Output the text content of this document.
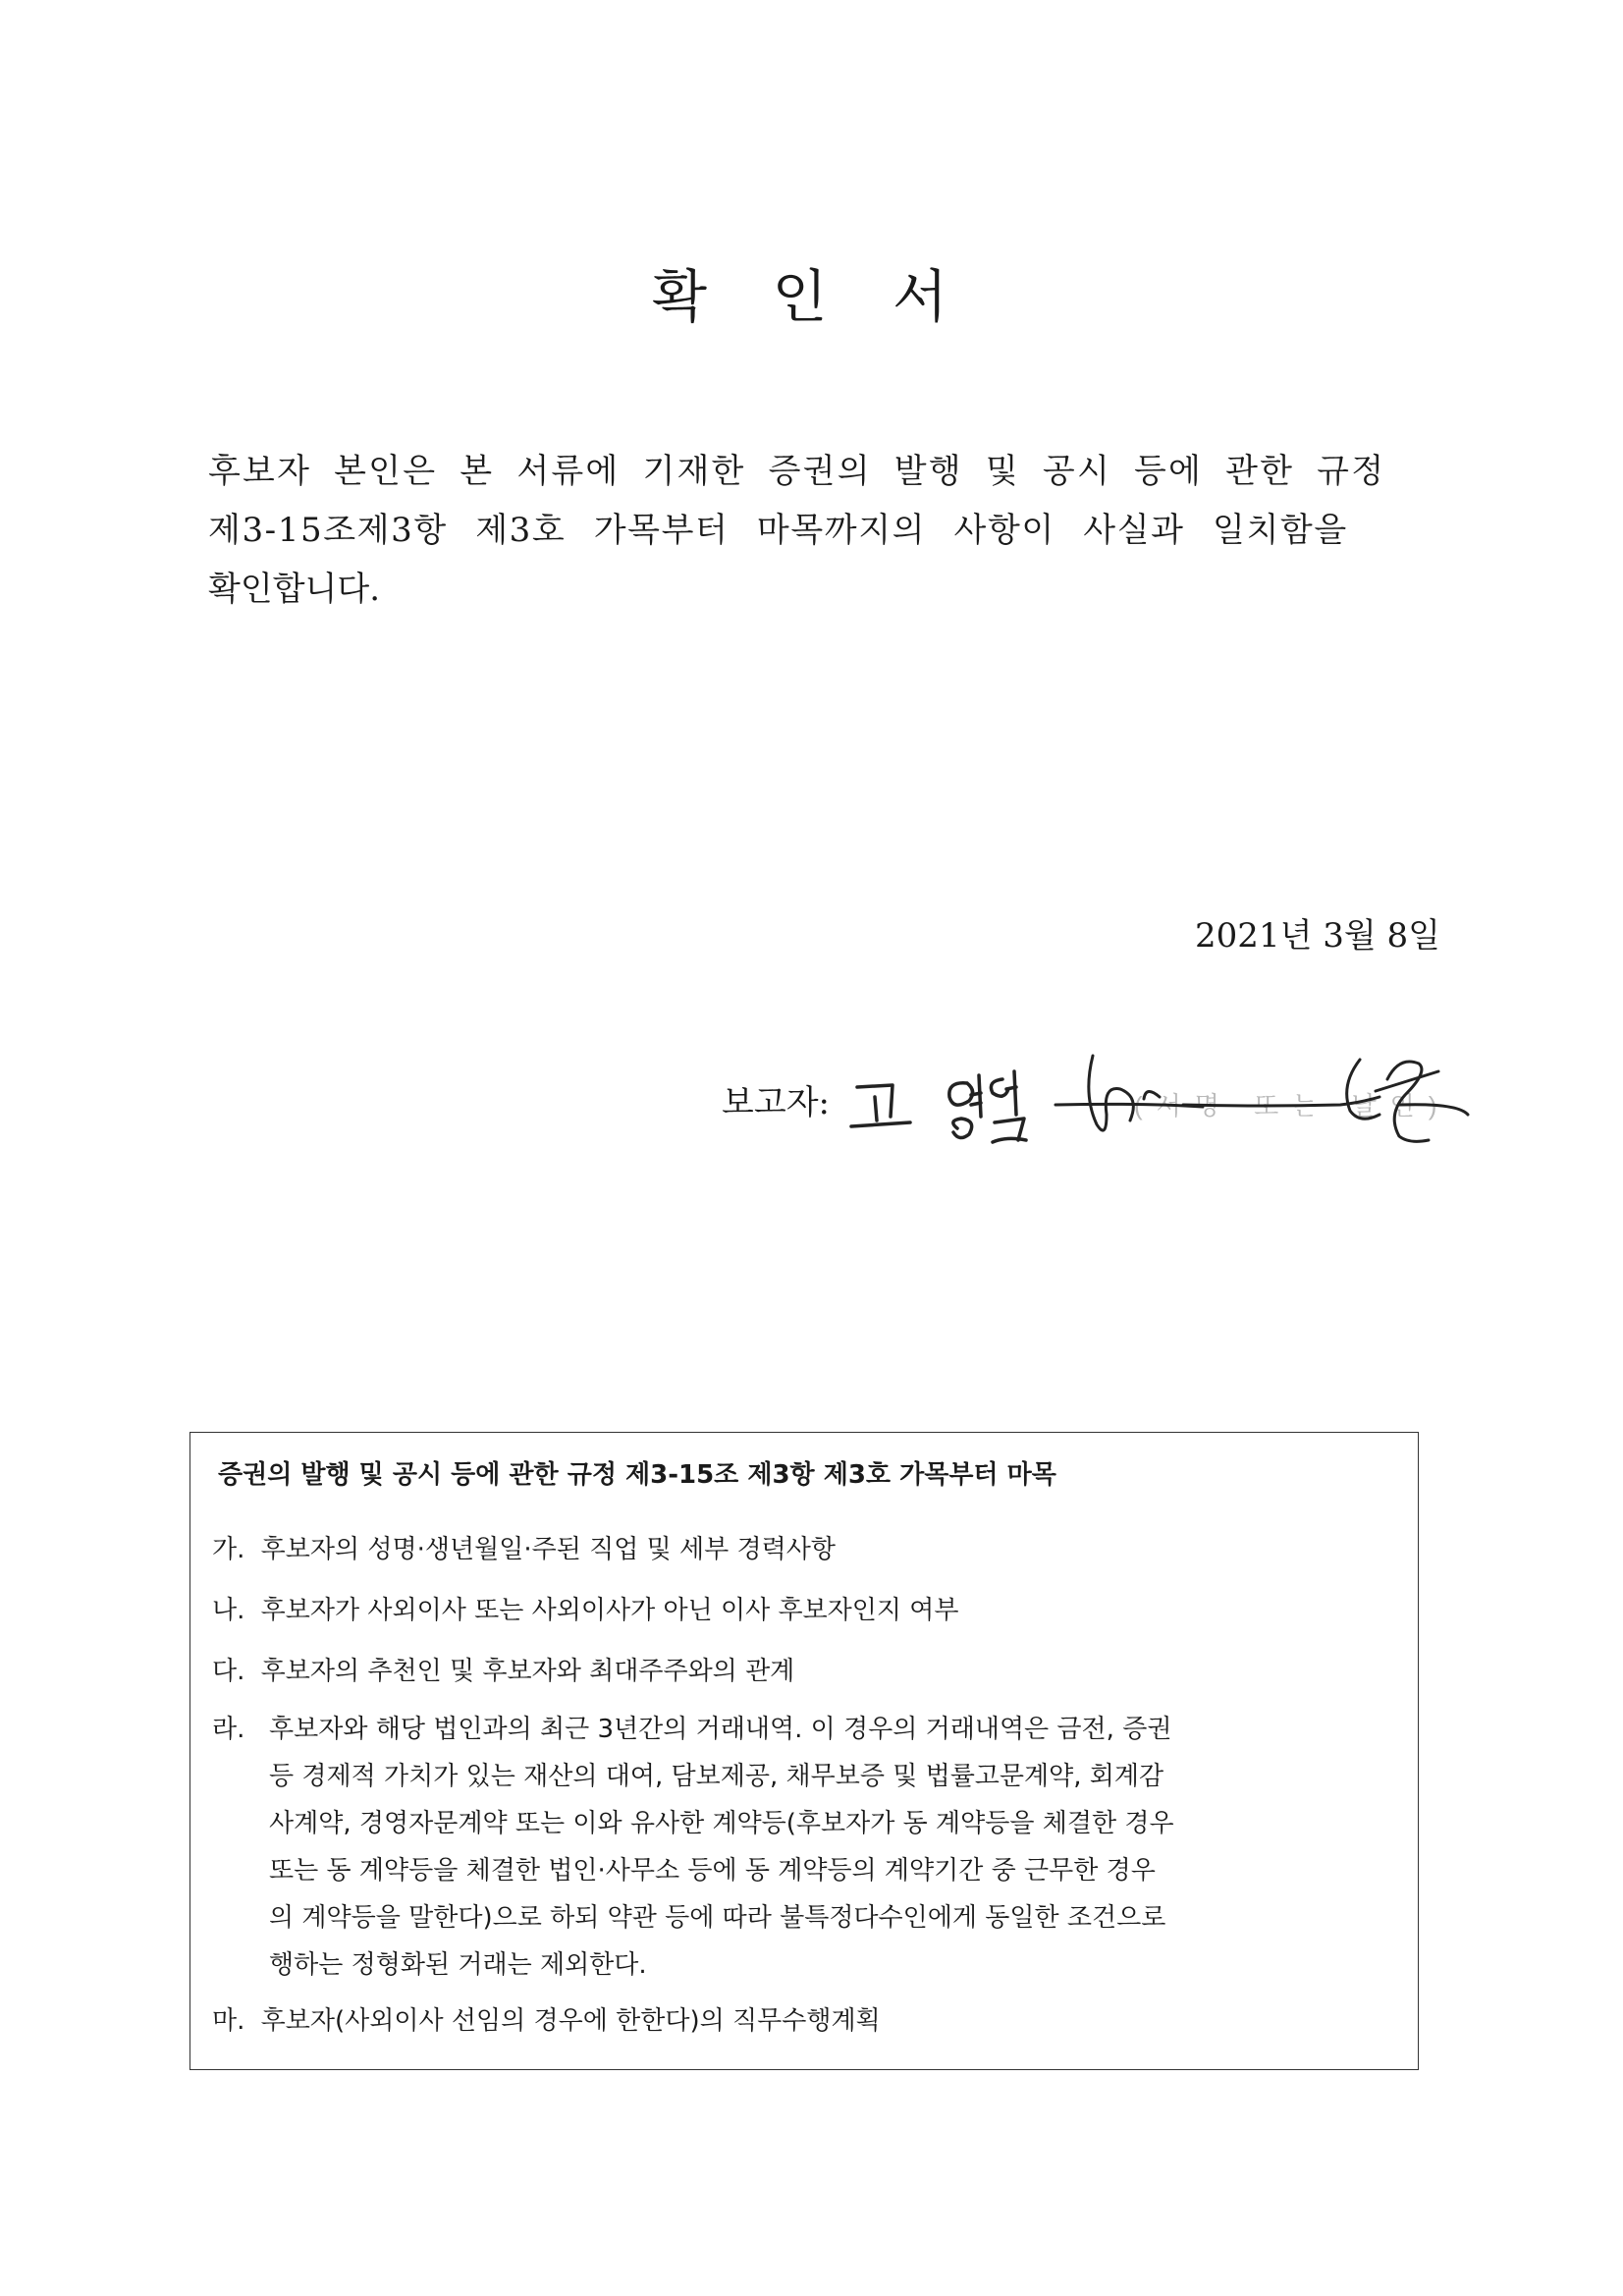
확 인 서
후보자 본인은 본 서류에 기재한 증권의 발행 및 공시 등에 관한 규정
제3-15조제3항 제3호 가목부터 마목까지의 사항이 사실과 일치함을
확인합니다.
2021년 3월 8일
보고자:	(서명 또는 날인)
증권의 발행 및 공시 등에 관한 규정 제3-15조 제3항 제3호 가목부터 마목
가. 후보자의 성명·생년월일·주된 직업 및 세부 경력사항
나. 후보자가 사외이사 또는 사외이사가 아닌 이사 후보자인지 여부
다. 후보자의 추천인 및 후보자와 최대주주와의 관계
라. 후보자와 해당 법인과의 최근 3년간의 거래내역. 이 경우의 거래내역은 금전, 증권
등 경제적 가치가 있는 재산의 대여, 담보제공, 채무보증 및 법률고문계약, 회계감
사계약, 경영자문계약 또는 이와 유사한 계약등(후보자가 동 계약등을 체결한 경우
또는 동 계약등을 체결한 법인·사무소 등에 동 계약등의 계약기간 중 근무한 경우
의 계약등을 말한다)으로 하되 약관 등에 따라 불특정다수인에게 동일한 조건으로
행하는 정형화된 거래는 제외한다.
마. 후보자(사외이사 선임의 경우에 한한다)의 직무수행계획
